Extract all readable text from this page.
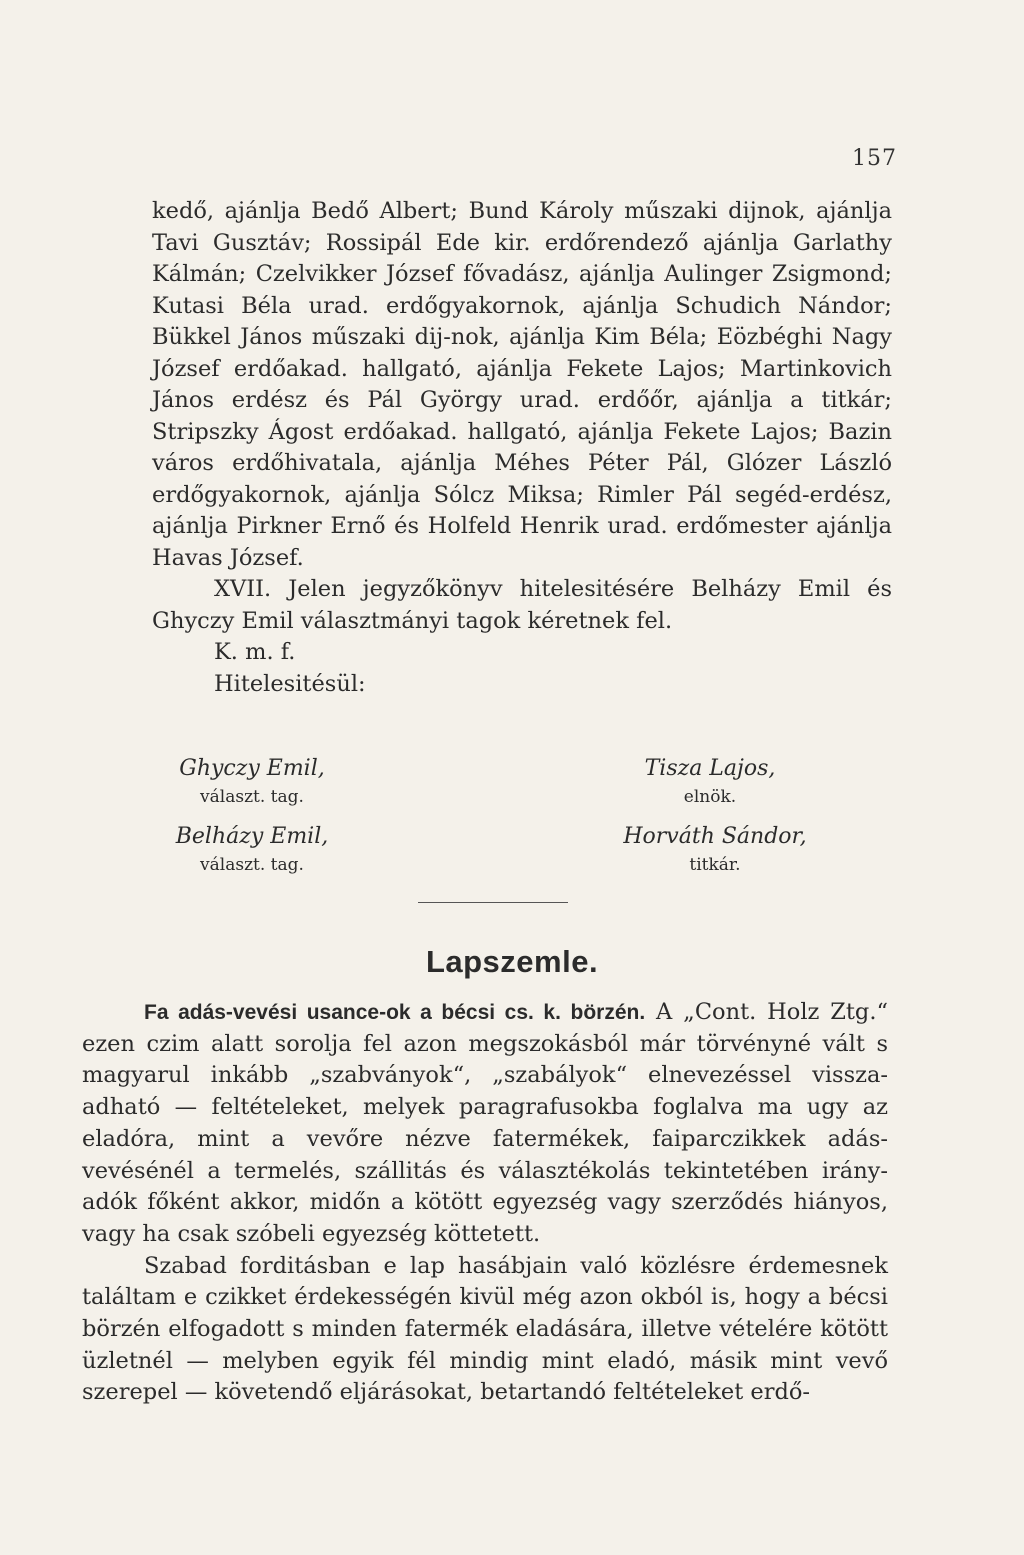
157

kedő, ajánlja Bedő Albert; Bund Károly műszaki dijnok, ajánlja Tavi Gusztáv; Rossipál Ede kir. erdőrendező ajánlja Garlathy Kálmán; Czelvikker József fővadász, ajánlja Aulinger Zsigmond; Kutasi Béla urad. erdőgyakornok, ajánlja Schudich Nándor; Bükkel János műszaki dij-nok, ajánlja Kim Béla; Eözbéghi Nagy József erdőakad. hallgató, ajánlja Fekete Lajos; Martinkovich János erdész és Pál György urad. erdőőr, ajánlja a titkár; Stripszky Ágost erdőakad. hallgató, ajánlja Fekete Lajos; Bazin város erdőhivatala, ajánlja Méhes Péter Pál, Glózer László erdőgyakornok, ajánlja Sólcz Miksa; Rimler Pál segéd-erdész, ajánlja Pirkner Ernő és Holfeld Henrik urad. erdőmester ajánlja Havas József.

XVII. Jelen jegyzőkönyv hitelesitésére Belházy Emil és Ghyczy Emil választmányi tagok kéretnek fel.

K. m. f.

Hitelesitésül:

Ghyczy Emil,
választ. tag.
Tisza Lajos,
elnök.
Belházy Emil,
választ. tag.
Horváth Sándor,
titkár.
Lapszemle.

Fa adás-vevési usance-ok a bécsi cs. k. börzén. A „Cont. Holz Ztg.“ ezen czim alatt sorolja fel azon megszokásból már törvényné vált s magyarul inkább „szabványok“, „szabályok“ elnevezéssel vissza-adható — feltételeket, melyek paragrafusokba foglalva ma ugy az eladóra, mint a vevőre nézve fatermékek, faiparczikkek adás-vevésénél a termelés, szállitás és választékolás tekintetében irány-adók főként akkor, midőn a kötött egyezség vagy szerződés hiányos, vagy ha csak szóbeli egyezség köttetett.

Szabad forditásban e lap hasábjain való közlésre érdemesnek találtam e czikket érdekességén kivül még azon okból is, hogy a bécsi börzén elfogadott s minden fatermék eladására, illetve vételére kötött üzletnél — melyben egyik fél mindig mint eladó, másik mint vevő szerepel — követendő eljárásokat, betartandó feltételeket erdő-
